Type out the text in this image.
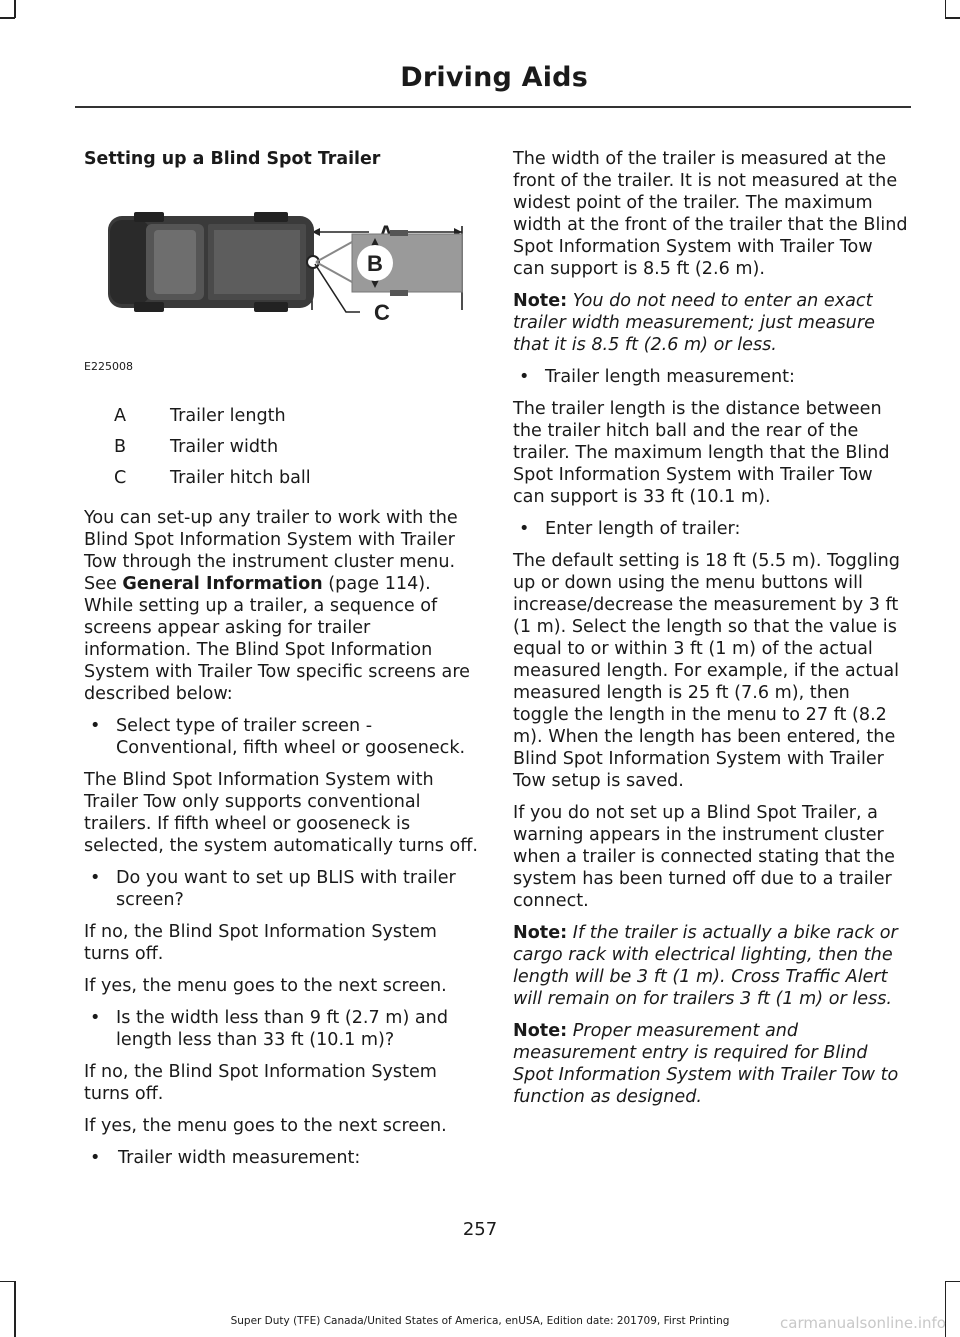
Driving Aids
Setting up a Blind Spot Trailer
B
C
E225008
A	Trailer length
B	Trailer width
C	Trailer hitch ball

You can set-up any trailer to work with the Blind Spot Information System with Trailer Tow through the instrument cluster menu. See General Information (page 114). While setting up a trailer, a sequence of screens appear asking for trailer information. The Blind Spot Information System with Trailer Tow specific screens are described below:

• Select type of trailer screen - Conventional, fifth wheel or gooseneck.

The Blind Spot Information System with Trailer Tow only supports conventional trailers. If fifth wheel or gooseneck is selected, the system automatically turns off.

• Do you want to set up BLIS with trailer screen?

If no, the Blind Spot Information System turns off.

If yes, the menu goes to the next screen.

• Is the width less than 9 ft (2.7 m) and length less than 33 ft (10.1 m)?

If no, the Blind Spot Information System turns off.

If yes, the menu goes to the next screen.

•	Trailer width measurement:

The width of the trailer is measured at the front of the trailer. It is not measured at the widest point of the trailer. The maximum width at the front of the trailer that the Blind Spot Information System with Trailer Tow can support is 8.5 ft (2.6 m).

Note: You do not need to enter an exact trailer width measurement; just measure that it is 8.5 ft (2.6 m) or less.

• Trailer length measurement:

The trailer length is the distance between the trailer hitch ball and the rear of the trailer. The maximum length that the Blind Spot Information System with Trailer Tow can support is 33 ft (10.1 m).

• Enter length of trailer:

The default setting is 18 ft (5.5 m). Toggling up or down using the menu buttons will increase/decrease the measurement by 3 ft (1 m). Select the length so that the value is equal to or within 3 ft (1 m) of the actual measured length. For example, if the actual measured length is 25 ft (7.6 m), then toggle the length in the menu to 27 ft (8.2 m). When the length has been entered, the Blind Spot Information System with Trailer Tow setup is saved.

If you do not set up a Blind Spot Trailer, a warning appears in the instrument cluster when a trailer is connected stating that the system has been turned off due to a trailer connect.

Note: If the trailer is actually a bike rack or cargo rack with electrical lighting, then the length will be 3 ft (1 m). Cross Traffic Alert will remain on for trailers 3 ft (1 m) or less.

Note: Proper measurement and measurement entry is required for Blind Spot Information System with Trailer Tow to function as designed.

257
Super Duty (TFE) Canada/United States of America, enUSA, Edition date: 201709, First Printing	carmanualsonline.info
